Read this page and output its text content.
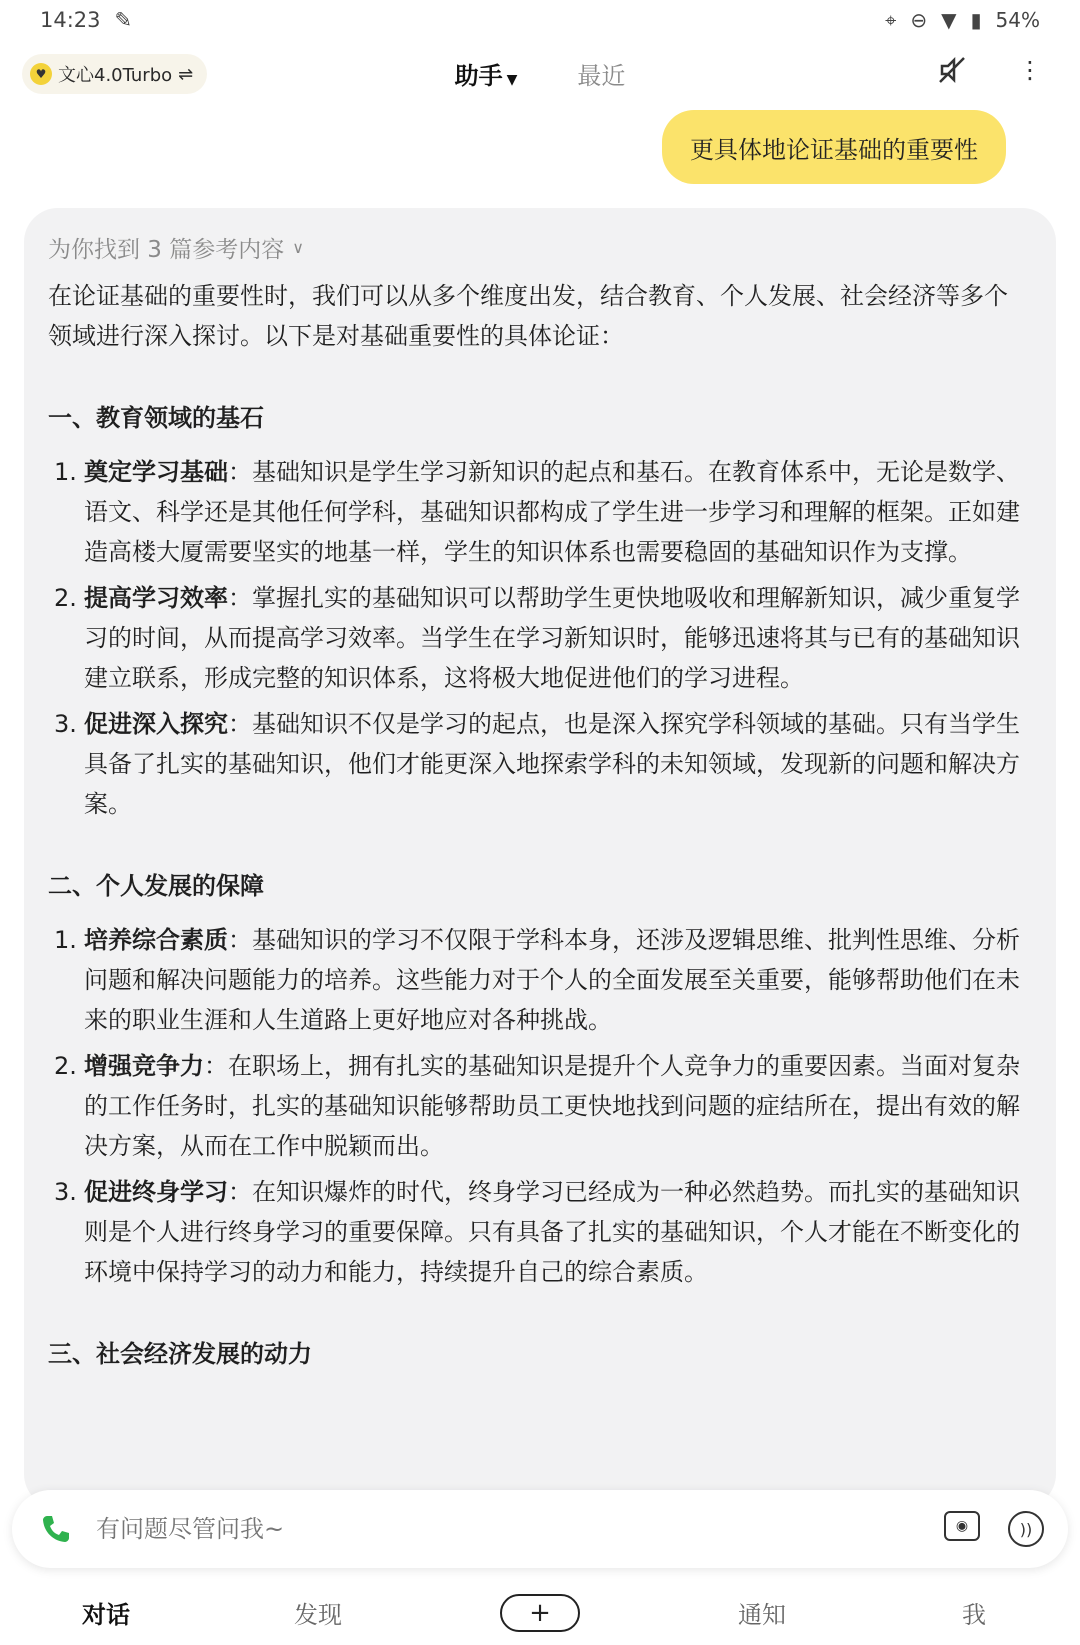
14:23 ✎	⌖ ⊖ ▼ ▮ 54%
♥ 文心4.0Turbo ⇌	助手 ▼	最近	⋮
更具体地论证基础的重要性
为你找到 3 篇参考内容 ∨
在论证基础的重要性时，我们可以从多个维度出发，结合教育、个人发展、社会经济等多个领域进行深入探讨。以下是对基础重要性的具体论证：
一、教育领域的基石
1. 奠定学习基础：基础知识是学生学习新知识的起点和基石。在教育体系中，无论是数学、语文、科学还是其他任何学科，基础知识都构成了学生进一步学习和理解的框架。正如建造高楼大厦需要坚实的地基一样，学生的知识体系也需要稳固的基础知识作为支撑。
2. 提高学习效率：掌握扎实的基础知识可以帮助学生更快地吸收和理解新知识，减少重复学习的时间，从而提高学习效率。当学生在学习新知识时，能够迅速将其与已有的基础知识建立联系，形成完整的知识体系，这将极大地促进他们的学习进程。
3. 促进深入探究：基础知识不仅是学习的起点，也是深入探究学科领域的基础。只有当学生具备了扎实的基础知识，他们才能更深入地探索学科的未知领域，发现新的问题和解决方案。
二、个人发展的保障
1. 培养综合素质：基础知识的学习不仅限于学科本身，还涉及逻辑思维、批判性思维、分析问题和解决问题能力的培养。这些能力对于个人的全面发展至关重要，能够帮助他们在未来的职业生涯和人生道路上更好地应对各种挑战。
2. 增强竞争力：在职场上，拥有扎实的基础知识是提升个人竞争力的重要因素。当面对复杂的工作任务时，扎实的基础知识能够帮助员工更快地找到问题的症结所在，提出有效的解决方案，从而在工作中脱颖而出。
3. 促进终身学习：在知识爆炸的时代，终身学习已经成为一种必然趋势。而扎实的基础知识则是个人进行终身学习的重要保障。只有具备了扎实的基础知识，个人才能在不断变化的环境中保持学习的动力和能力，持续提升自己的综合素质。
三、社会经济发展的动力
有问题尽管问我~
◉	))
对话	发现	+	通知	我
